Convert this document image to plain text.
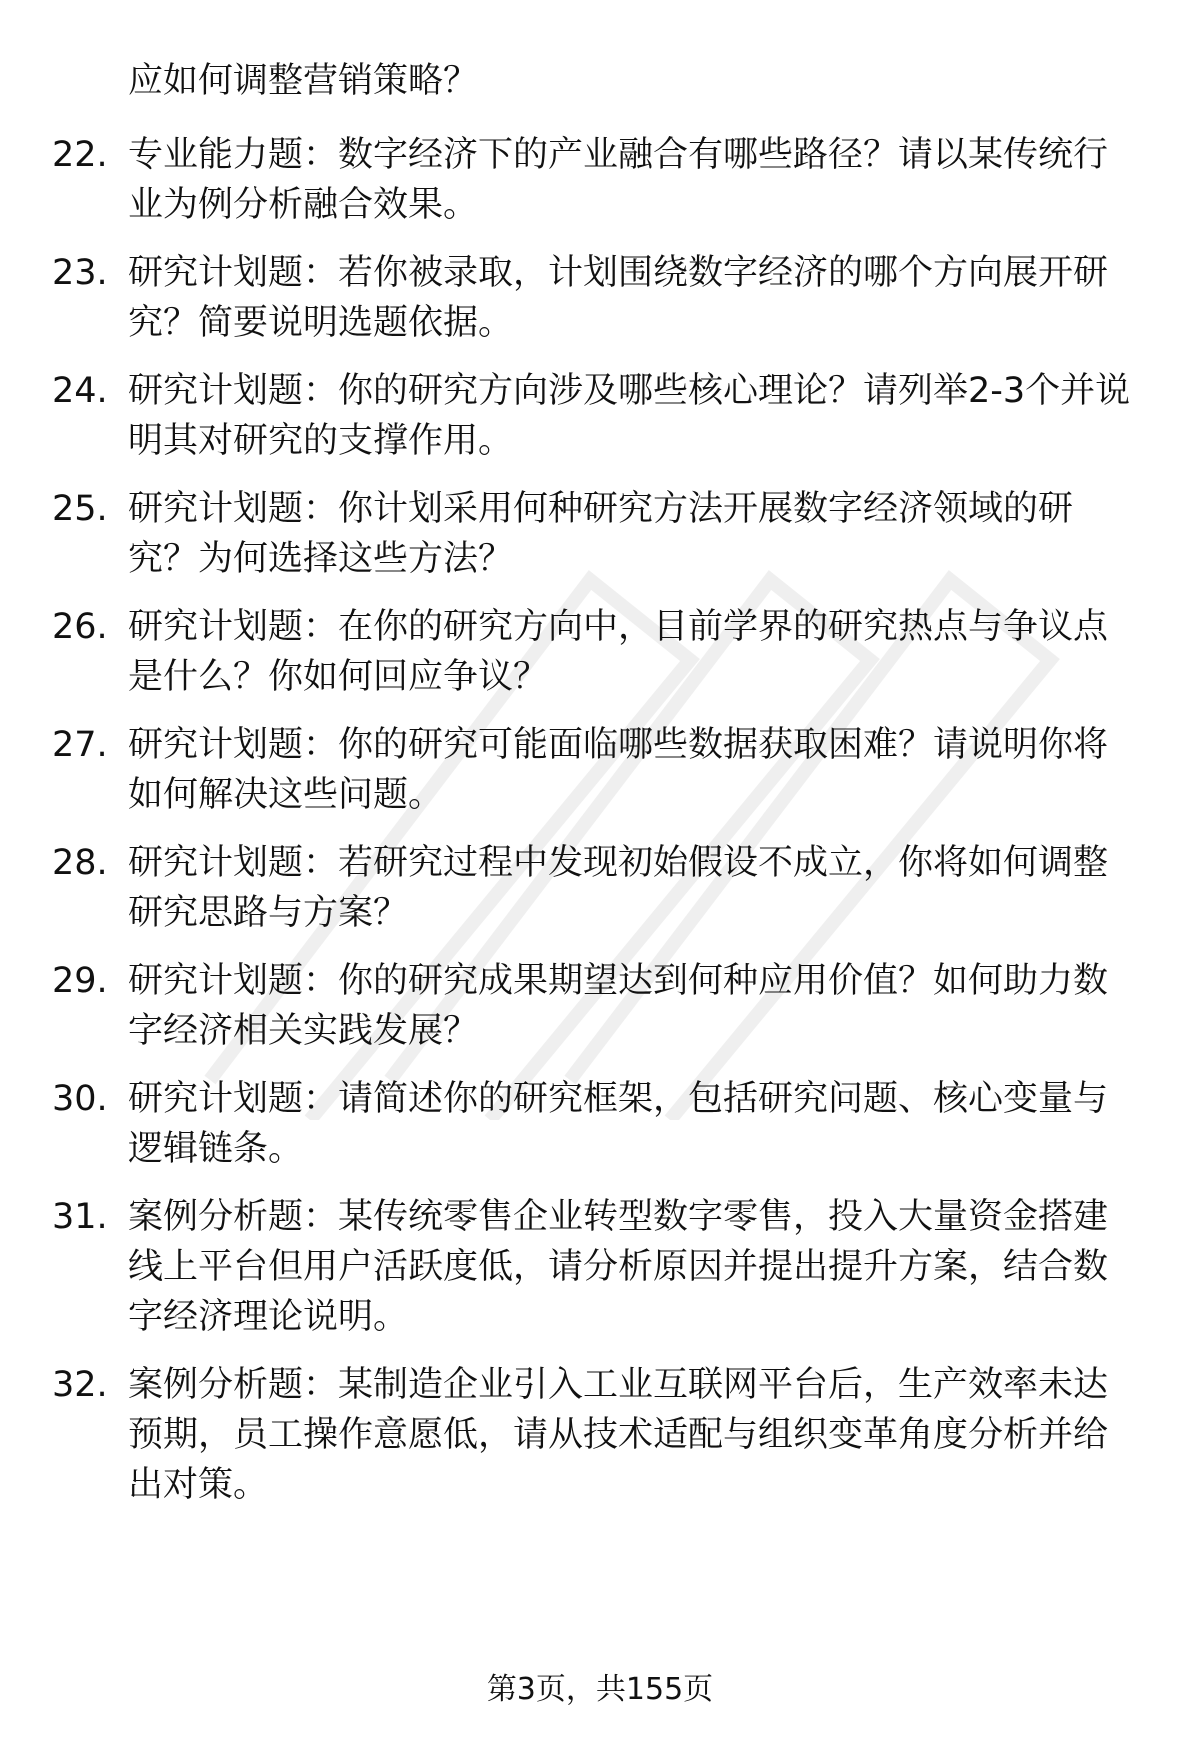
应如何调整营销策略？

22. 专业能力题：数字经济下的产业融合有哪些路径？请以某传统行业为例分析融合效果。

23. 研究计划题：若你被录取，计划围绕数字经济的哪个方向展开研究？简要说明选题依据。

24. 研究计划题：你的研究方向涉及哪些核心理论？请列举2-3个并说明其对研究的支撑作用。

25. 研究计划题：你计划采用何种研究方法开展数字经济领域的研究？为何选择这些方法？

26. 研究计划题：在你的研究方向中，目前学界的研究热点与争议点是什么？你如何回应争议？

27. 研究计划题：你的研究可能面临哪些数据获取困难？请说明你将如何解决这些问题。

28. 研究计划题：若研究过程中发现初始假设不成立，你将如何调整研究思路与方案？

29. 研究计划题：你的研究成果期望达到何种应用价值？如何助力数字经济相关实践发展？

30. 研究计划题：请简述你的研究框架，包括研究问题、核心变量与逻辑链条。

31. 案例分析题：某传统零售企业转型数字零售，投入大量资金搭建线上平台但用户活跃度低，请分析原因并提出提升方案，结合数字经济理论说明。

32. 案例分析题：某制造企业引入工业互联网平台后，生产效率未达预期，员工操作意愿低，请从技术适配与组织变革角度分析并给出对策。

第3页，共155页
